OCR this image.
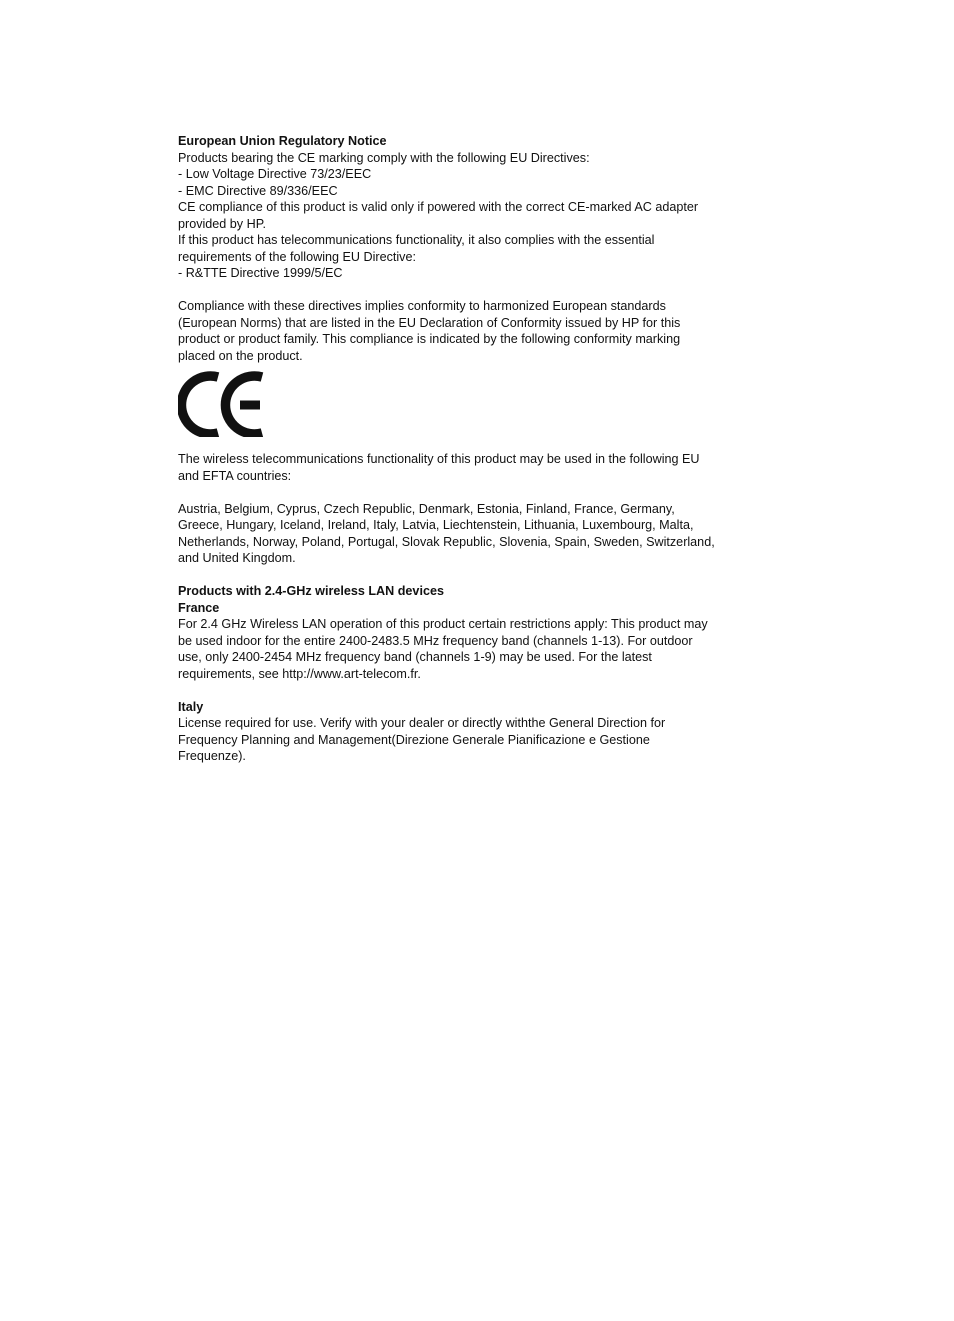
European Union Regulatory Notice
Products bearing the CE marking comply with the following EU Directives:
- Low Voltage Directive 73/23/EEC
- EMC Directive 89/336/EEC
CE compliance of this product is valid only if powered with the correct CE-marked AC adapter
provided by HP.
If this product has telecommunications functionality, it also complies with the essential
requirements of the following EU Directive:
- R&TTE Directive 1999/5/EC
Compliance with these directives implies conformity to harmonized European standards
(European Norms) that are listed in the EU Declaration of Conformity issued by HP for this
product or product family. This compliance is indicated by the following conformity marking
placed on the product.
The wireless telecommunications functionality of this product may be used in the following EU
and EFTA countries:
Austria, Belgium, Cyprus, Czech Republic, Denmark, Estonia, Finland, France, Germany,
Greece, Hungary, Iceland, Ireland, Italy, Latvia, Liechtenstein, Lithuania, Luxembourg, Malta,
Netherlands, Norway, Poland, Portugal, Slovak Republic, Slovenia, Spain, Sweden, Switzerland,
and United Kingdom.
Products with 2.4-GHz wireless LAN devices
France
For 2.4 GHz Wireless LAN operation of this product certain restrictions apply: This product may
be used indoor for the entire 2400-2483.5 MHz frequency band (channels 1-13). For outdoor
use, only 2400-2454 MHz frequency band (channels 1-9) may be used. For the latest
requirements, see http://www.art-telecom.fr.
Italy
License required for use. Verify with your dealer or directly withthe General Direction for
Frequency Planning and Management(Direzione Generale Pianificazione e Gestione
Frequenze).
